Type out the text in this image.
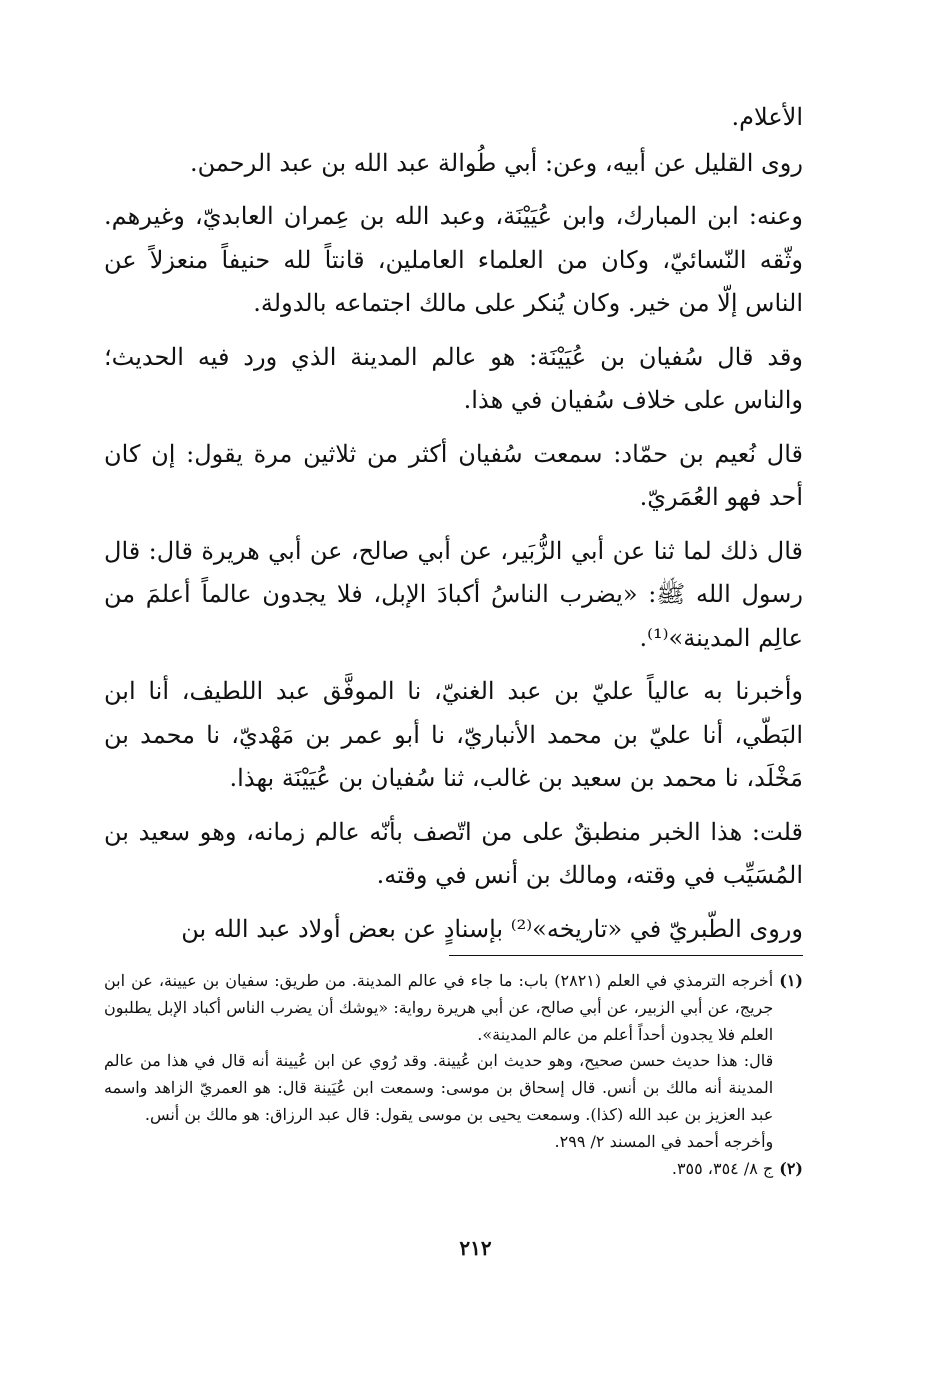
الأعلام.

روى القليل عن أبيه، وعن: أبي طُوالة عبد الله بن عبد الرحمن.

وعنه: ابن المبارك، وابن عُيَيْنَة، وعبد الله بن عِمران العابديّ، وغيرهم. وثّقه النّسائيّ، وكان من العلماء العاملين، قانتاً لله حنيفاً منعزلاً عن الناس إلّا من خير. وكان يُنكر على مالك اجتماعه بالدولة.

وقد قال سُفيان بن عُيَيْنَة: هو عالم المدينة الذي ورد فيه الحديث؛ والناس على خلاف سُفيان في هذا.

قال نُعيم بن حمّاد: سمعت سُفيان أكثر من ثلاثين مرة يقول: إن كان أحد فهو العُمَريّ.

قال ذلك لما ثنا عن أبي الزُّبَير، عن أبي صالح، عن أبي هريرة قال: قال رسول الله ﷺ: «يضرب الناسُ أكبادَ الإبل، فلا يجدون عالماً أعلمَ من عالِم المدينة»⁽¹⁾.

وأخبرنا به عالياً عليّ بن عبد الغنيّ، نا الموفَّق عبد اللطيف، أنا ابن البَطّي، أنا عليّ بن محمد الأنباريّ، نا أبو عمر بن مَهْديّ، نا محمد بن مَخْلَد، نا محمد بن سعيد بن غالب، ثنا سُفيان بن عُيَيْنَة بهذا.

قلت: هذا الخبر منطبقٌ على من اتّصف بأنّه عالم زمانه، وهو سعيد بن المُسَيِّب في وقته، ومالك بن أنس في وقته.

وروى الطّبريّ في «تاريخه»⁽²⁾ بإسنادٍ عن بعض أولاد عبد الله بن

(١)

أخرجه الترمذي في العلم (٢٨٢١) باب: ما جاء في عالم المدينة. من طريق: سفيان بن عيينة، عن ابن جريج، عن أبي الزبير، عن أبي صالح، عن أبي هريرة رواية: «يوشك أن يضرب الناس أكباد الإبل يطلبون العلم فلا يجدون أحداً أعلم من عالم المدينة».

قال: هذا حديث حسن صحيح، وهو حديث ابن عُيينة. وقد رُوي عن ابن عُيينة أنه قال في هذا من عالم المدينة أنه مالك بن أنس. قال إسحاق بن موسى: وسمعت ابن عُيَينة قال: هو العمريّ الزاهد واسمه عبد العزيز بن عبد الله (كذا). وسمعت يحيى بن موسى يقول: قال عبد الرزاق: هو مالك بن أنس.

وأخرجه أحمد في المسند ٢/ ٢٩٩.

(٢)

ج ٨/ ٣٥٤، ٣٥٥.

٢١٢
